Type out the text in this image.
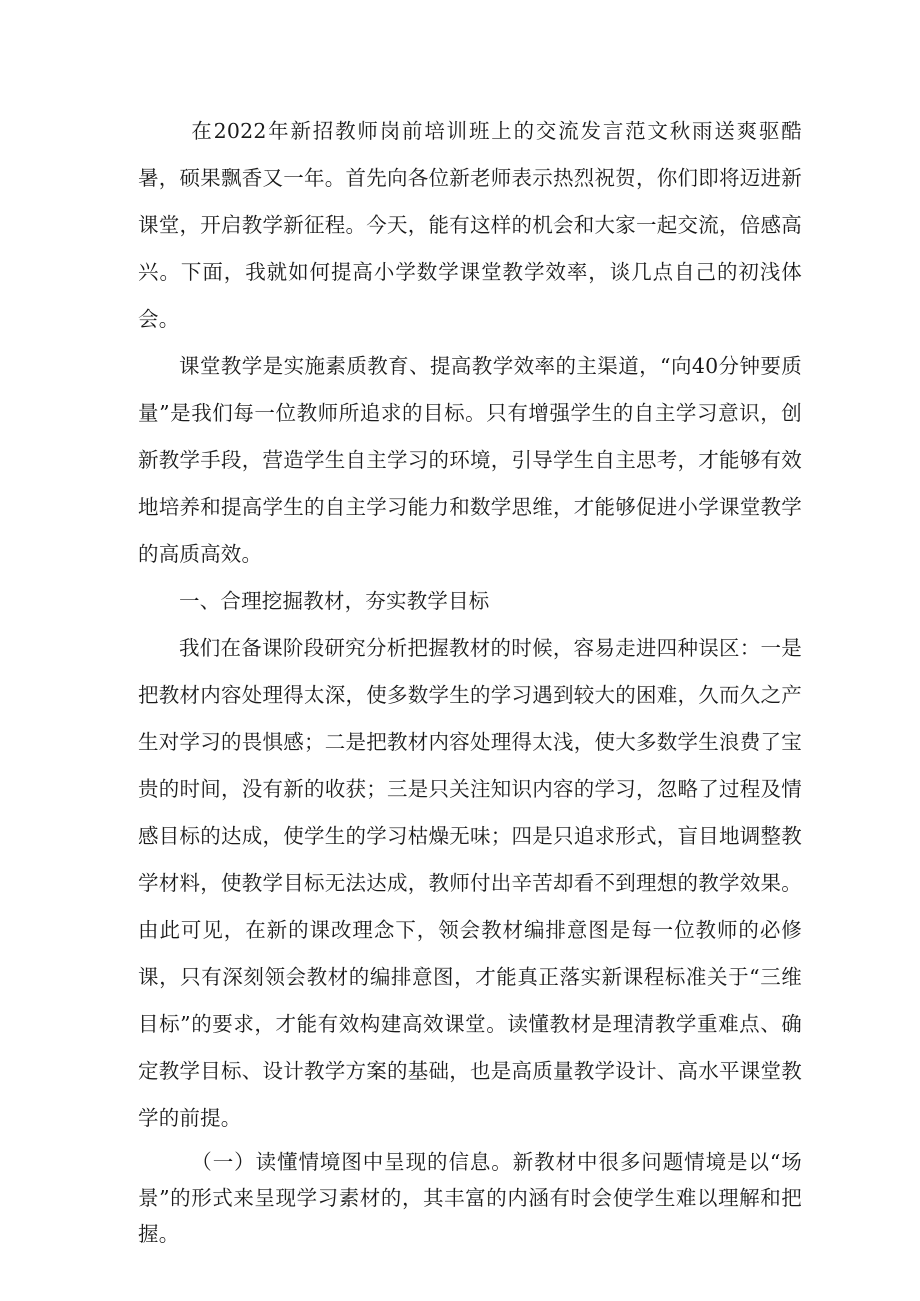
在2022年新招教师岗前培训班上的交流发言范文秋雨送爽驱酷暑，硕果飘香又一年。首先向各位新老师表示热烈祝贺，你们即将迈进新课堂，开启教学新征程。今天，能有这样的机会和大家一起交流，倍感高兴。下面，我就如何提高小学数学课堂教学效率，谈几点自己的初浅体会。

课堂教学是实施素质教育、提高教学效率的主渠道，“向40分钟要质量”是我们每一位教师所追求的目标。只有增强学生的自主学习意识，创新教学手段，营造学生自主学习的环境，引导学生自主思考，才能够有效地培养和提高学生的自主学习能力和数学思维，才能够促进小学课堂教学的高质高效。

一、合理挖掘教材，夯实教学目标

我们在备课阶段研究分析把握教材的时候，容易走进四种误区：一是把教材内容处理得太深，使多数学生的学习遇到较大的困难，久而久之产生对学习的畏惧感；二是把教材内容处理得太浅，使大多数学生浪费了宝贵的时间，没有新的收获；三是只关注知识内容的学习，忽略了过程及情感目标的达成，使学生的学习枯燥无味；四是只追求形式，盲目地调整教学材料，使教学目标无法达成，教师付出辛苦却看不到理想的教学效果。由此可见，在新的课改理念下，领会教材编排意图是每一位教师的必修课，只有深刻领会教材的编排意图，才能真正落实新课程标准关于“三维目标”的要求，才能有效构建高效课堂。读懂教材是理清教学重难点、确定教学目标、设计教学方案的基础，也是高质量教学设计、高水平课堂教学的前提。

（一）读懂情境图中呈现的信息。新教材中很多问题情境是以“场景”的形式来呈现学习素材的，其丰富的内涵有时会使学生难以理解和把握。
